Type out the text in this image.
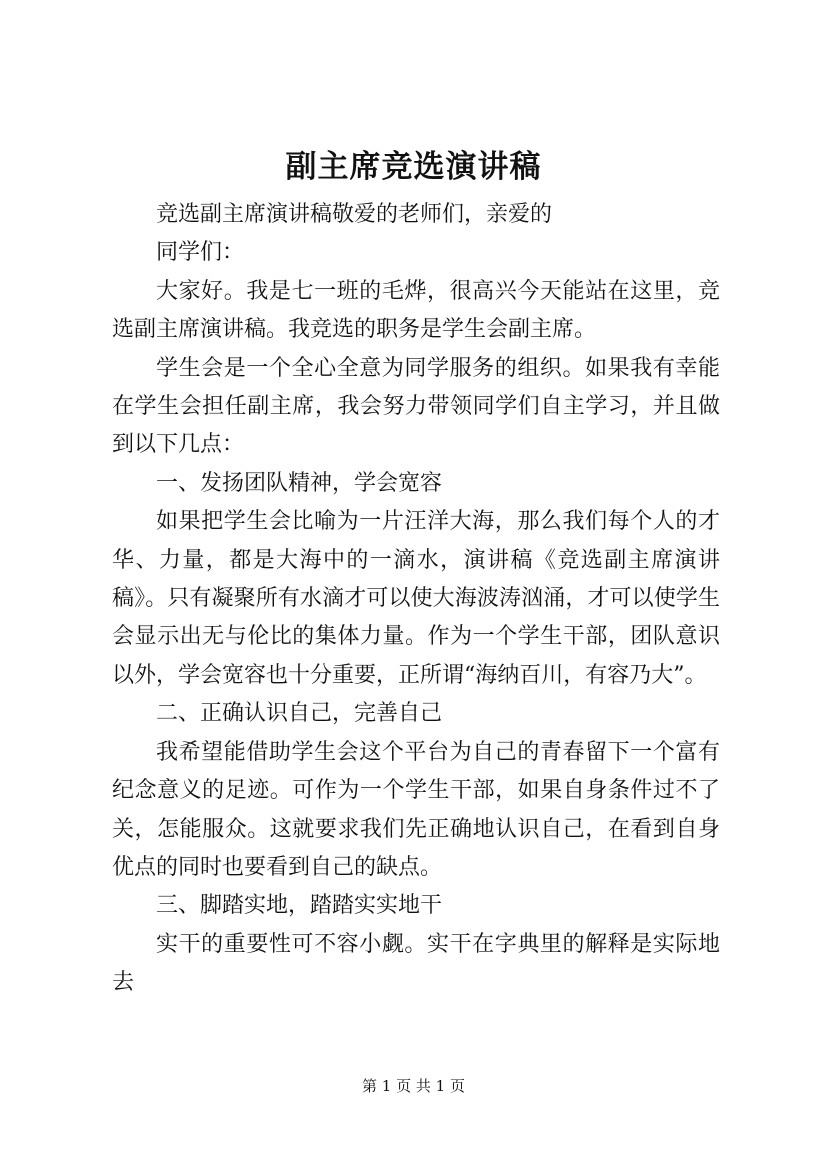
副主席竞选演讲稿

竞选副主席演讲稿敬爱的老师们，亲爱的

同学们：

大家好。我是七一班的毛烨，很高兴今天能站在这里，竞选副主席演讲稿。我竞选的职务是学生会副主席。

学生会是一个全心全意为同学服务的组织。如果我有幸能在学生会担任副主席，我会努力带领同学们自主学习，并且做到以下几点：

一、发扬团队精神，学会宽容

如果把学生会比喻为一片汪洋大海，那么我们每个人的才华、力量，都是大海中的一滴水，演讲稿《竞选副主席演讲稿》。只有凝聚所有水滴才可以使大海波涛汹涌，才可以使学生会显示出无与伦比的集体力量。作为一个学生干部，团队意识以外，学会宽容也十分重要，正所谓“海纳百川，有容乃大”。

二、正确认识自己，完善自己

我希望能借助学生会这个平台为自己的青春留下一个富有纪念意义的足迹。可作为一个学生干部，如果自身条件过不了关，怎能服众。这就要求我们先正确地认识自己，在看到自身优点的同时也要看到自己的缺点。

三、脚踏实地，踏踏实实地干

实干的重要性可不容小觑。实干在字典里的解释是实际地去

第 1 页 共 1 页
